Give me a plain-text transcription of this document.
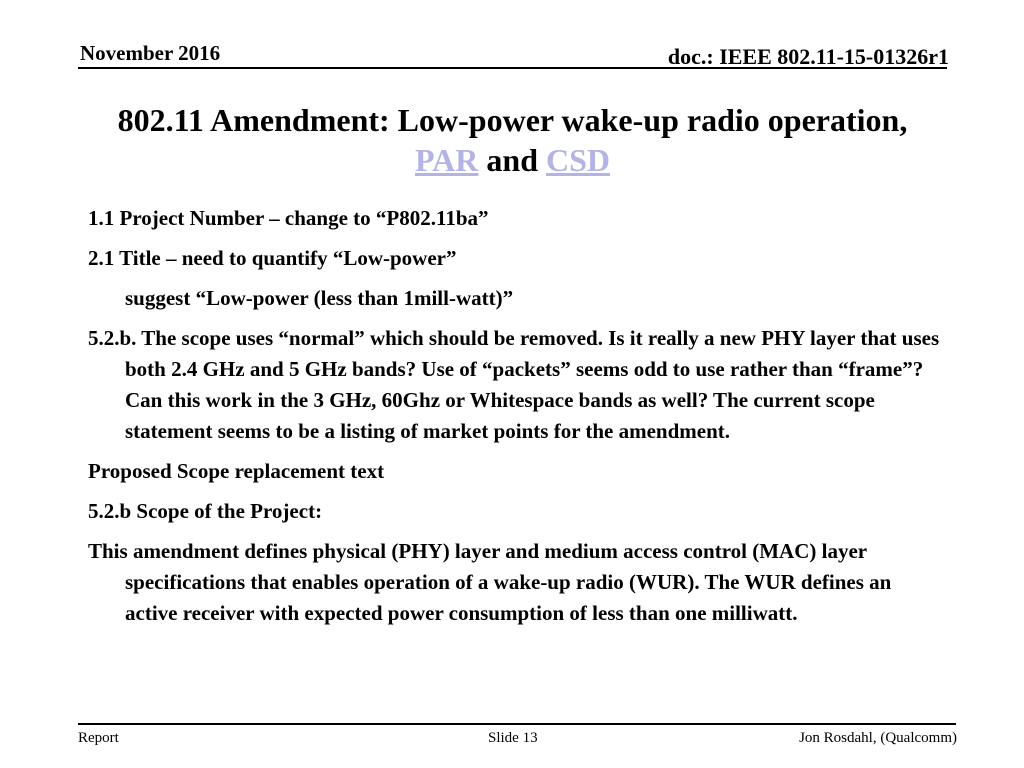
November 2016	doc.: IEEE 802.11-15-01326r1
802.11 Amendment: Low-power wake-up radio operation,
PAR and CSD

1.1 Project Number – change to “P802.11ba”

2.1 Title – need to quantify “Low-power”

suggest “Low-power (less than 1mill-watt)”

5.2.b. The scope uses “normal” which should be removed. Is it really a new PHY layer that uses both 2.4 GHz and 5 GHz bands? Use of “packets” seems odd to use rather than “frame”? Can this work in the 3 GHz, 60Ghz or Whitespace bands as well? The current scope statement seems to be a listing of market points for the amendment.

Proposed Scope replacement text

5.2.b Scope of the Project:

This amendment defines physical (PHY) layer and medium access control (MAC) layer specifications that enables operation of a wake-up radio (WUR). The WUR defines an active receiver with expected power consumption of less than one milliwatt.

Report	Slide 13	Jon Rosdahl, (Qualcomm)
